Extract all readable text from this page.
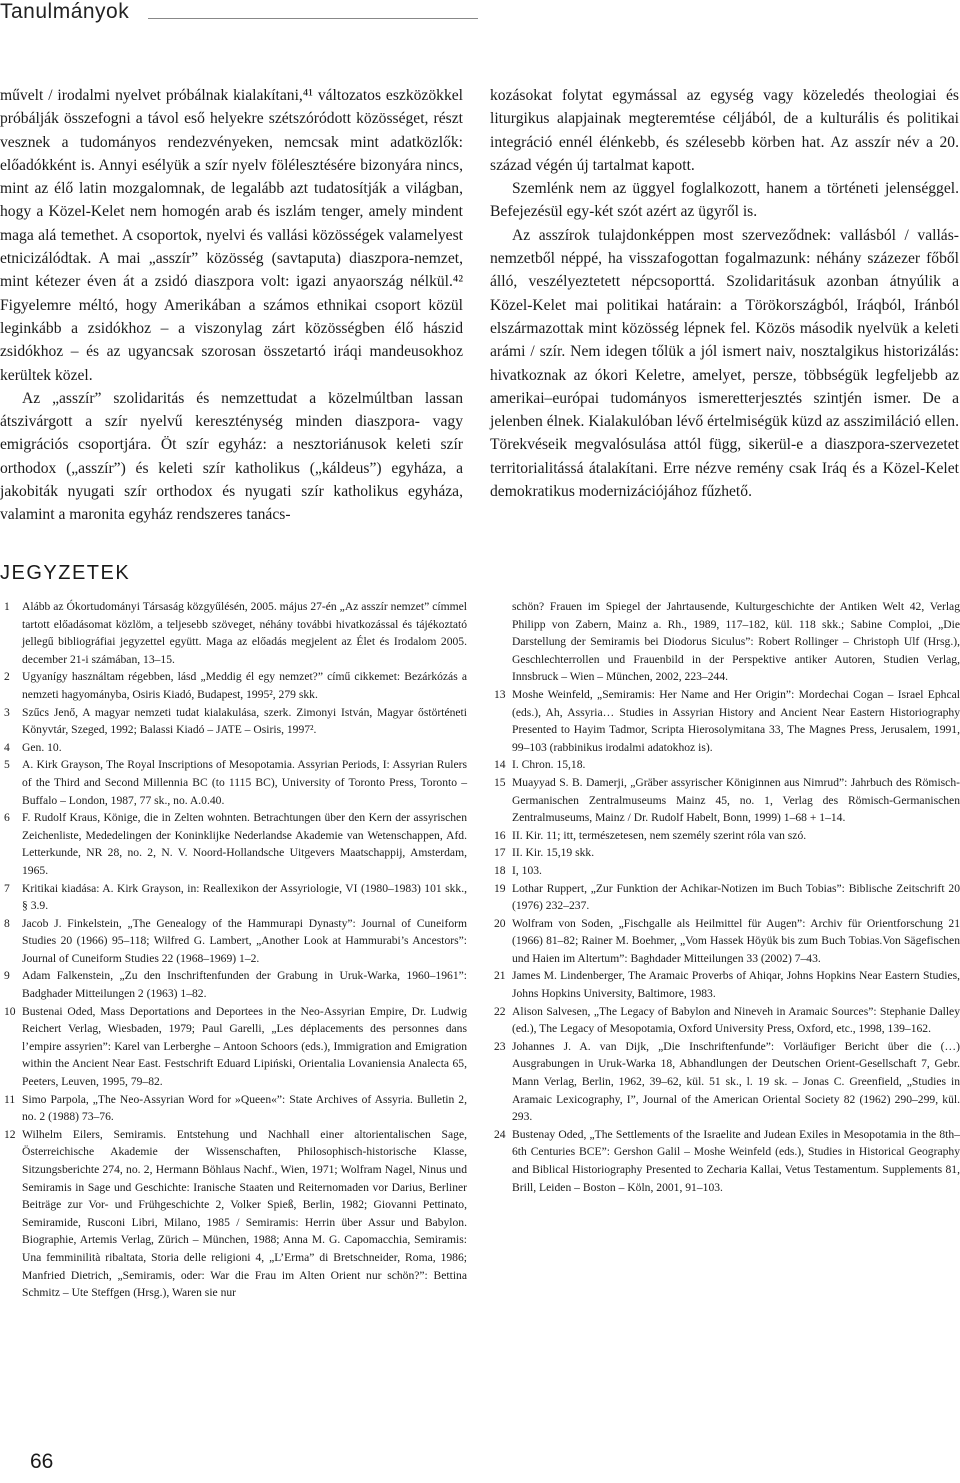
Tanulmányok

művelt / irodalmi nyelvet próbálnak kialakítani,⁴¹ változatos eszközökkel próbálják összefogni a távol eső helyekre szétszóródott közösséget, részt vesznek a tudományos rendezvényeken, nemcsak mint adatközlők: előadókként is. Annyi esélyük a szír nyelv fölélesztésére bizonyára nincs, mint az élő latin mozgalomnak, de legalább azt tudatosítják a világban, hogy a Közel-Kelet nem homogén arab és iszlám tenger, amely mindent maga alá temethet. A csoportok, nyelvi és vallási közösségek valamelyest etnicizálódtak. A mai „asszír” közösség (savtaputa) diaszpora-nemzet, mint kétezer éven át a zsidó diaszpora volt: igazi anyaország nélkül.⁴² Figyelemre méltó, hogy Amerikában a számos ethnikai csoport közül leginkább a zsidókhoz – a viszonylag zárt közösségben élő hászid zsidókhoz – és az ugyancsak szorosan összetartó iráqi mandeusokhoz kerültek közel.

Az „asszír” szolidaritás és nemzettudat a közelmúltban lassan átszivárgott a szír nyelvű kereszténység minden diaszpora- vagy emigrációs csoportjára. Öt szír egyház: a nesztoriánusok keleti szír orthodox („asszír”) és keleti szír katholikus („káldeus”) egyháza, a jakobiták nyugati szír orthodox és nyugati szír katholikus egyháza, valamint a maronita egyház rendszeres tanács-

kozásokat folytat egymással az egység vagy közeledés theologiai és liturgikus alapjainak megteremtése céljából, de a kulturális és politikai integráció ennél élénkebb, és szélesebb körben hat. Az asszír név a 20. század végén új tartalmat kapott.

Szemlénk nem az üggyel foglalkozott, hanem a történeti jelenséggel. Befejezésül egy-két szót azért az ügyről is.

Az asszírok tulajdonképpen most szerveződnek: vallásból / vallás-nemzetből néppé, ha visszafogottan fogalmazunk: néhány százezer főből álló, veszélyeztetett népcsoporttá. Szolidaritásuk azonban átnyúlik a Közel-Kelet mai politikai határain: a Törökországból, Iráqból, Iránból elszármazottak mint közösség lépnek fel. Közös második nyelvük a keleti arámi / szír. Nem idegen tőlük a jól ismert naiv, nosztalgikus historizálás: hivatkoznak az ókori Keletre, amelyet, persze, többségük legfeljebb az amerikai–európai tudományos ismeretterjesztés szintjén ismer. De a jelenben élnek. Kialakulóban lévő értelmiségük küzd az asszimiláció ellen. Törekvéseik megvalósulása attól függ, sikerül-e a diaszpora-szervezetet territorialitássá átalakítani. Erre nézve remény csak Iráq és a Közel-Kelet demokratikus modernizációjához fűzhető.

JEGYZETEK

1 Alább az Ókortudományi Társaság közgyűlésén, 2005. május 27-én „Az asszír nemzet” címmel tartott előadásomat közlöm, a teljesebb szöveget, néhány további hivatkozással és tájékoztató jellegű bibliográfiai jegyzettel együtt. Maga az előadás megjelent az Élet és Irodalom 2005. december 21-i számában, 13–15.

2 Ugyanígy használtam régebben, lásd „Meddig él egy nemzet?” című cikkemet: Bezárkózás a nemzeti hagyományba, Osiris Kiadó, Budapest, 1995², 279 skk.

3 Szűcs Jenő, A magyar nemzeti tudat kialakulása, szerk. Zimonyi István, Magyar őstörténeti Könyvtár, Szeged, 1992; Balassi Kiadó – JATE – Osiris, 1997².

4 Gen. 10.

5 A. Kirk Grayson, The Royal Inscriptions of Mesopotamia. Assyrian Periods, I: Assyrian Rulers of the Third and Second Millennia BC (to 1115 BC), University of Toronto Press, Toronto – Buffalo – London, 1987, 77 sk., no. A.0.40.

6 F. Rudolf Kraus, Könige, die in Zelten wohnten. Betrachtungen über den Kern der assyrischen Zeichenliste, Mededelingen der Koninklijke Nederlandse Akademie van Wetenschappen, Afd. Letterkunde, NR 28, no. 2, N. V. Noord-Hollandsche Uitgevers Maatschappij, Amsterdam, 1965.

7 Kritikai kiadása: A. Kirk Grayson, in: Reallexikon der Assyriologie, VI (1980–1983) 101 skk., § 3.9.

8 Jacob J. Finkelstein, „The Genealogy of the Hammurapi Dynasty”: Journal of Cuneiform Studies 20 (1966) 95–118; Wilfred G. Lambert, „Another Look at Hammurabi’s Ancestors”: Journal of Cuneiform Studies 22 (1968–1969) 1–2.

9 Adam Falkenstein, „Zu den Inschriftenfunden der Grabung in Uruk-Warka, 1960–1961”: Badghader Mitteilungen 2 (1963) 1–82.

10 Bustenai Oded, Mass Deportations and Deportees in the Neo-Assyrian Empire, Dr. Ludwig Reichert Verlag, Wiesbaden, 1979; Paul Garelli, „Les déplacements des personnes dans l’empire assyrien”: Karel van Lerberghe – Antoon Schoors (eds.), Immigration and Emigration within the Ancient Near East. Festschrift Eduard Lipiński, Orientalia Lovaniensia Analecta 65, Peeters, Leuven, 1995, 79–82.

11 Simo Parpola, „The Neo-Assyrian Word for »Queen«”: State Archives of Assyria. Bulletin 2, no. 2 (1988) 73–76.

12 Wilhelm Eilers, Semiramis. Entstehung und Nachhall einer altorientalischen Sage, Österreichische Akademie der Wissenschaften, Philosophisch-historische Klasse, Sitzungsberichte 274, no. 2, Hermann Böhlaus Nachf., Wien, 1971; Wolfram Nagel, Ninus und Semiramis in Sage und Geschichte: Iranische Staaten und Reiternomaden vor Darius, Berliner Beiträge zur Vor- und Frühgeschichte 2, Volker Spieß, Berlin, 1982; Giovanni Pettinato, Semiramide, Rusconi Libri, Milano, 1985 / Semiramis: Herrin über Assur und Babylon. Biographie, Artemis Verlag, Zürich – München, 1988; Anna M. G. Capomacchia, Semiramis: Una femminilità ribaltata, Storia delle religioni 4, „L’Erma” di Bretschneider, Roma, 1986; Manfried Dietrich, „Semiramis, oder: War die Frau im Alten Orient nur schön?”: Bettina Schmitz – Ute Steffgen (Hrsg.), Waren sie nur

schön? Frauen im Spiegel der Jahrtausende, Kulturgeschichte der Antiken Welt 42, Verlag Philipp von Zabern, Mainz a. Rh., 1989, 117–182, kül. 118 skk.; Sabine Comploi, „Die Darstellung der Semiramis bei Diodorus Siculus”: Robert Rollinger – Christoph Ulf (Hrsg.), Geschlechterrollen und Frauenbild in der Perspektive antiker Autoren, Studien Verlag, Innsbruck – Wien – München, 2002, 223–244.

13 Moshe Weinfeld, „Semiramis: Her Name and Her Origin”: Mordechai Cogan – Israel Ephcal (eds.), Ah, Assyria… Studies in Assyrian History and Ancient Near Eastern Historiography Presented to Hayim Tadmor, Scripta Hierosolymitana 33, The Magnes Press, Jerusalem, 1991, 99–103 (rabbinikus irodalmi adatokhoz is).

14 I. Chron. 15,18.

15 Muayyad S. B. Damerji, „Gräber assyrischer Königinnen aus Nimrud”: Jahrbuch des Römisch-Germanischen Zentralmuseums Mainz 45, no. 1, Verlag des Römisch-Germanischen Zentralmuseums, Mainz / Dr. Rudolf Habelt, Bonn, 1999) 1–68 + 1–14.

16 II. Kir. 11; itt, természetesen, nem személy szerint róla van szó.

17 II. Kir. 15,19 skk.

18 I, 103.

19 Lothar Ruppert, „Zur Funktion der Achikar-Notizen im Buch Tobias”: Biblische Zeitschrift 20 (1976) 232–237.

20 Wolfram von Soden, „Fischgalle als Heilmittel für Augen”: Archiv für Orientforschung 21 (1966) 81–82; Rainer M. Boehmer, „Vom Hassek Höyük bis zum Buch Tobias.Von Sägefischen und Haien im Altertum”: Baghdader Mitteilungen 33 (2002) 7–43.

21 James M. Lindenberger, The Aramaic Proverbs of Ahiqar, Johns Hopkins Near Eastern Studies, Johns Hopkins University, Baltimore, 1983.

22 Alison Salvesen, „The Legacy of Babylon and Nineveh in Aramaic Sources”: Stephanie Dalley (ed.), The Legacy of Mesopotamia, Oxford University Press, Oxford, etc., 1998, 139–162.

23 Johannes J. A. van Dijk, „Die Inschriftenfunde”: Vorläufiger Bericht über die (…) Ausgrabungen in Uruk-Warka 18, Abhandlungen der Deutschen Orient-Gesellschaft 7, Gebr. Mann Verlag, Berlin, 1962, 39–62, kül. 51 sk., l. 19 sk. – Jonas C. Greenfield, „Studies in Aramaic Lexicography, I”, Journal of the American Oriental Society 82 (1962) 290–299, kül. 293.

24 Bustenay Oded, „The Settlements of the Israelite and Judean Exiles in Mesopotamia in the 8th–6th Centuries BCE”: Gershon Galil – Moshe Weinfeld (eds.), Studies in Historical Geography and Biblical Historiography Presented to Zecharia Kallai, Vetus Testamentum. Supplements 81, Brill, Leiden – Boston – Köln, 2001, 91–103.

66
